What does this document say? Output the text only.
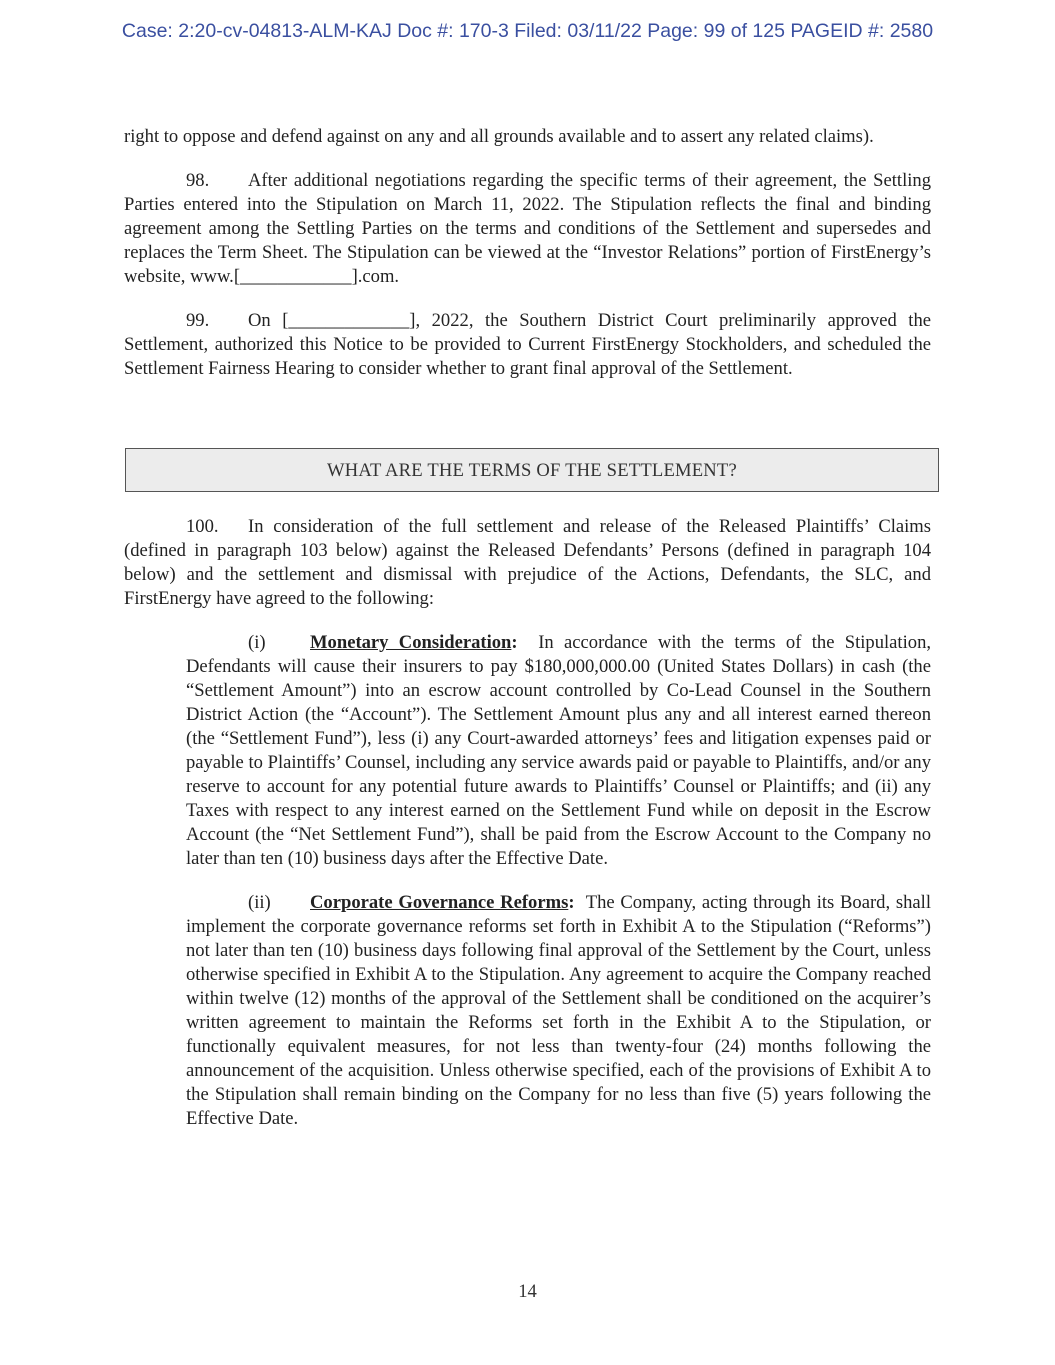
Case: 2:20-cv-04813-ALM-KAJ Doc #: 170-3 Filed: 03/11/22 Page: 99 of 125 PAGEID #: 2580

right to oppose and defend against on any and all grounds available and to assert any related claims).

98. After additional negotiations regarding the specific terms of their agreement, the Settling Parties entered into the Stipulation on March 11, 2022. The Stipulation reflects the final and binding agreement among the Settling Parties on the terms and conditions of the Settlement and supersedes and replaces the Term Sheet. The Stipulation can be viewed at the “Investor Relations” portion of FirstEnergy’s website, www.[____________].com.

99. On [_____________], 2022, the Southern District Court preliminarily approved the Settlement, authorized this Notice to be provided to Current FirstEnergy Stockholders, and scheduled the Settlement Fairness Hearing to consider whether to grant final approval of the Settlement.

WHAT ARE THE TERMS OF THE SETTLEMENT?

100. In consideration of the full settlement and release of the Released Plaintiffs’ Claims (defined in paragraph 103 below) against the Released Defendants’ Persons (defined in paragraph 104 below) and the settlement and dismissal with prejudice of the Actions, Defendants, the SLC, and FirstEnergy have agreed to the following:

(i) Monetary Consideration: In accordance with the terms of the Stipulation, Defendants will cause their insurers to pay $180,000,000.00 (United States Dollars) in cash (the “Settlement Amount”) into an escrow account controlled by Co-Lead Counsel in the Southern District Action (the “Account”). The Settlement Amount plus any and all interest earned thereon (the “Settlement Fund”), less (i) any Court-awarded attorneys’ fees and litigation expenses paid or payable to Plaintiffs’ Counsel, including any service awards paid or payable to Plaintiffs, and/or any reserve to account for any potential future awards to Plaintiffs’ Counsel or Plaintiffs; and (ii) any Taxes with respect to any interest earned on the Settlement Fund while on deposit in the Escrow Account (the “Net Settlement Fund”), shall be paid from the Escrow Account to the Company no later than ten (10) business days after the Effective Date.

(ii) Corporate Governance Reforms: The Company, acting through its Board, shall implement the corporate governance reforms set forth in Exhibit A to the Stipulation (“Reforms”) not later than ten (10) business days following final approval of the Settlement by the Court, unless otherwise specified in Exhibit A to the Stipulation. Any agreement to acquire the Company reached within twelve (12) months of the approval of the Settlement shall be conditioned on the acquirer’s written agreement to maintain the Reforms set forth in the Exhibit A to the Stipulation, or functionally equivalent measures, for not less than twenty-four (24) months following the announcement of the acquisition. Unless otherwise specified, each of the provisions of Exhibit A to the Stipulation shall remain binding on the Company for no less than five (5) years following the Effective Date.

14
